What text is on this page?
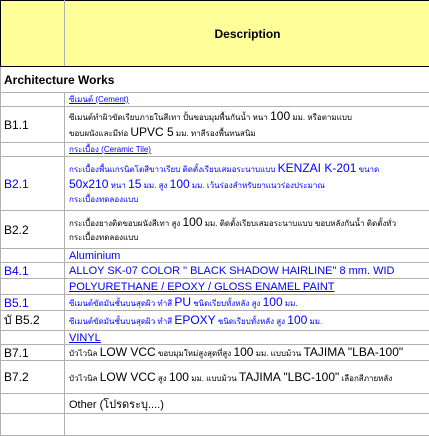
	Description
Architecture Works	
	ซีเมนต์ (Cement)
B1.1	ซีเมนต์ทำผิวขัดเรียบภายในสีเทา ปั้นขอบมุมพื้นกันน้ำ หนา 100 มม. หรือตามแบบ
ขอบผนังและมีท่อ UPVC 5 มม. ทาสีรองพื้นทนสนิม

	กระเบื้อง (Ceramic Tile)
B2.1	กระเบื้องพื้นแกรนิตโตสีขาวเรียบ ติดตั้งเรียบเสมอระนาบแบบ KENZAI K-201 ขนาด
50x210 หนา 15 มม. สูง 100 มม. เว้นร่องสำหรับยาแนวร่องประมาณ
กระเบื้องทดลองแบบ

B2.2	กระเบื้องยางติดขอบผนังสีเทา สูง 100 มม. ติดตั้งเรียบเสมอระนาบแบบ ขอบหลังกันน้ำ ติดตั้งทั่ว
กระเบื้องทดลองแบบ

	Aluminium
B4.1	ALLOY SK-07 COLOR " BLACK SHADOW HAIRLINE" 8 mm. WID
	POLYURETHANE / EPOXY / GLOSS ENAMEL PAINT
B5.1	ซีเมนต์ขัดมันชั้นบนสุดผิว ทำสี PU ชนิดเรียบทั้งหลัง สูง 100 มม.
บั B5.2	ซีเมนต์ขัดมันชั้นบนสุดผิว ทำสี EPOXY ชนิดเรียบทั้งหลัง สูง 100 มม.
	VINYL
B7.1	บัวไวนิล LOW VCC ขอบมุมใหม่สูงสุดที่สูง 100 มม. แบบม้วน TAJIMA "LBA-100"
B7.2	บัวไวนิล LOW VCC สูง 100 มม. แบบม้วน TAJIMA "LBC-100" เลือกสีภายหลัง
	Other (โปรดระบุ....)
